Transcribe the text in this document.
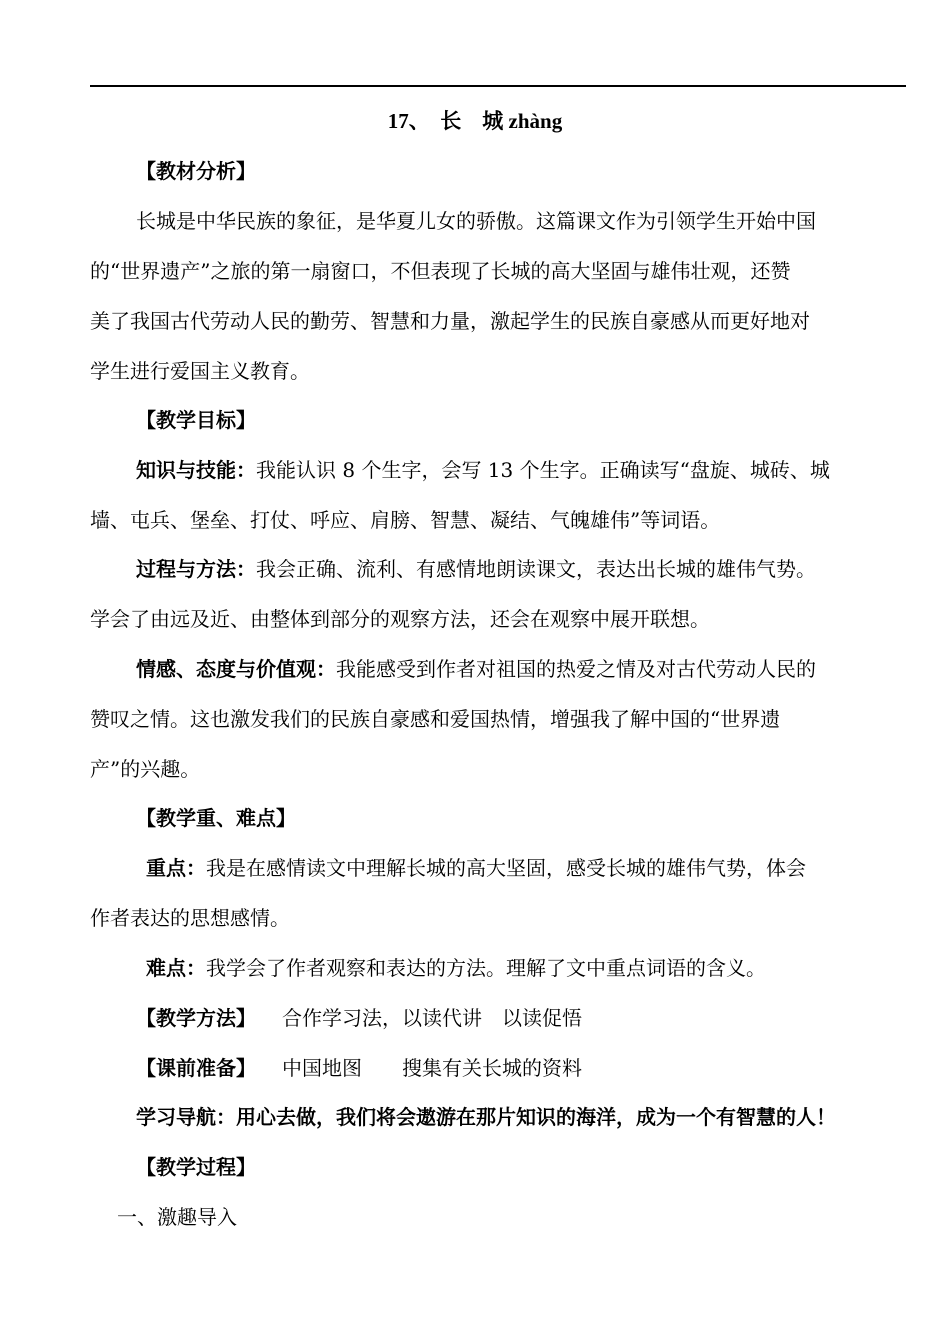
17、  长    城 zhàng
【教材分析】
长城是中华民族的象征，是华夏儿女的骄傲。这篇课文作为引领学生开始中国
的“世界遗产”之旅的第一扇窗口，不但表现了长城的高大坚固与雄伟壮观，还赞
美了我国古代劳动人民的勤劳、智慧和力量，激起学生的民族自豪感从而更好地对
学生进行爱国主义教育。
【教学目标】
知识与技能：我能认识 8 个生字，会写 13 个生字。正确读写“盘旋、城砖、城
墙、屯兵、堡垒、打仗、呼应、肩膀、智慧、凝结、气魄雄伟”等词语。
过程与方法：我会正确、流利、有感情地朗读课文，表达出长城的雄伟气势。
学会了由远及近、由整体到部分的观察方法，还会在观察中展开联想。
情感、态度与价值观：我能感受到作者对祖国的热爱之情及对古代劳动人民的
赞叹之情。这也激发我们的民族自豪感和爱国热情，增强我了解中国的“世界遗
产”的兴趣。
【教学重、难点】
重点：我是在感情读文中理解长城的高大坚固，感受长城的雄伟气势，体会
作者表达的思想感情。
难点：我学会了作者观察和表达的方法。理解了文中重点词语的含义。
【教学方法】 合作学习法，以读代讲　以读促悟
【课前准备】 中国地图　　搜集有关长城的资料
学习导航：用心去做，我们将会遨游在那片知识的海洋，成为一个有智慧的人！
【教学过程】
一、激趣导入
